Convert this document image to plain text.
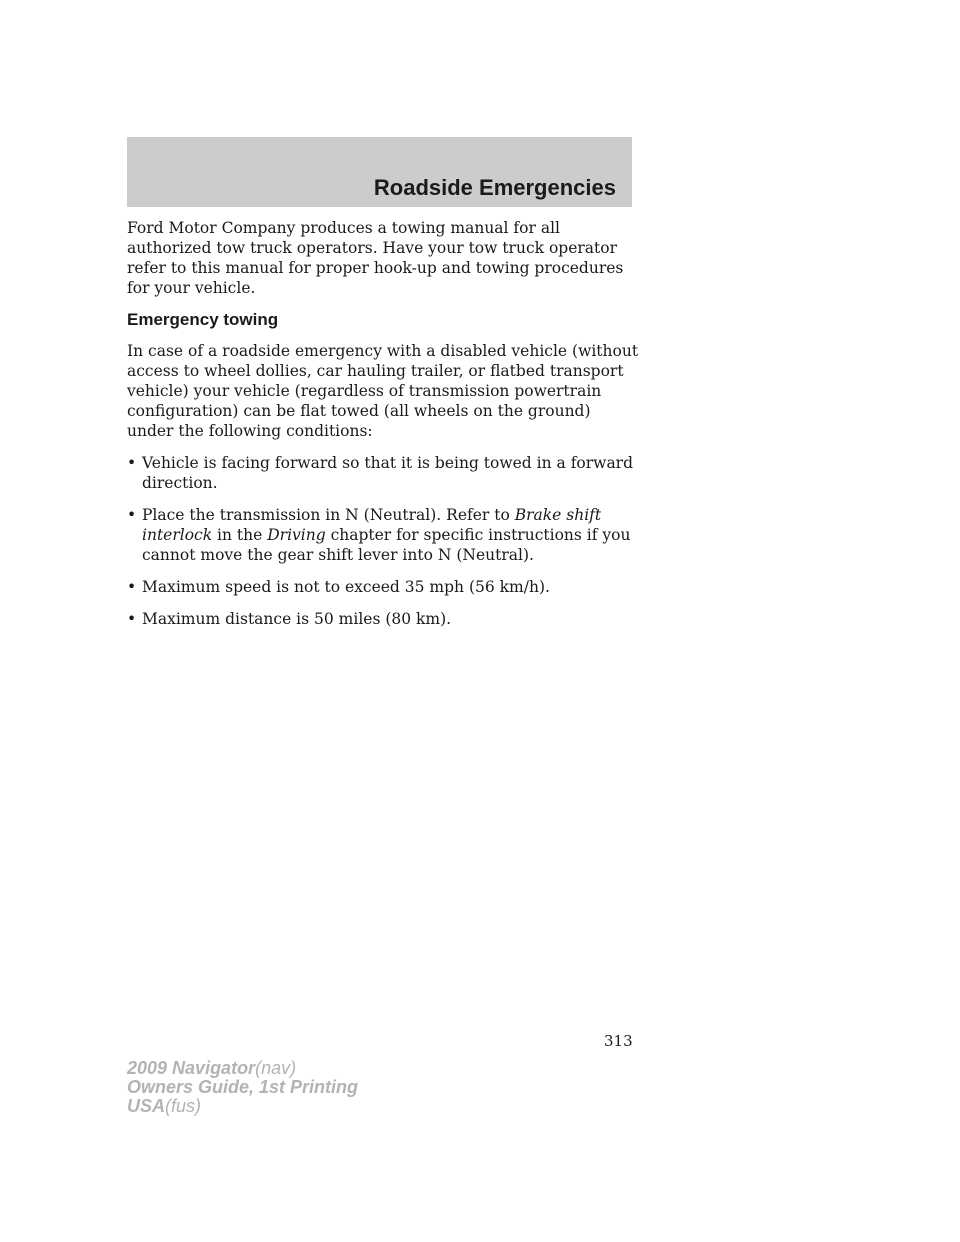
Roadside Emergencies

Ford Motor Company produces a towing manual for all authorized tow truck operators. Have your tow truck operator refer to this manual for proper hook-up and towing procedures for your vehicle.

Emergency towing

In case of a roadside emergency with a disabled vehicle (without access to wheel dollies, car hauling trailer, or flatbed transport vehicle) your vehicle (regardless of transmission powertrain configuration) can be flat towed (all wheels on the ground) under the following conditions:

• Vehicle is facing forward so that it is being towed in a forward direction.
• Place the transmission in N (Neutral). Refer to Brake shift interlock in the Driving chapter for specific instructions if you cannot move the gear shift lever into N (Neutral).
• Maximum speed is not to exceed 35 mph (56 km/h).
• Maximum distance is 50 miles (80 km).
313
2009 Navigator(nav)
Owners Guide, 1st Printing
USA(fus)
